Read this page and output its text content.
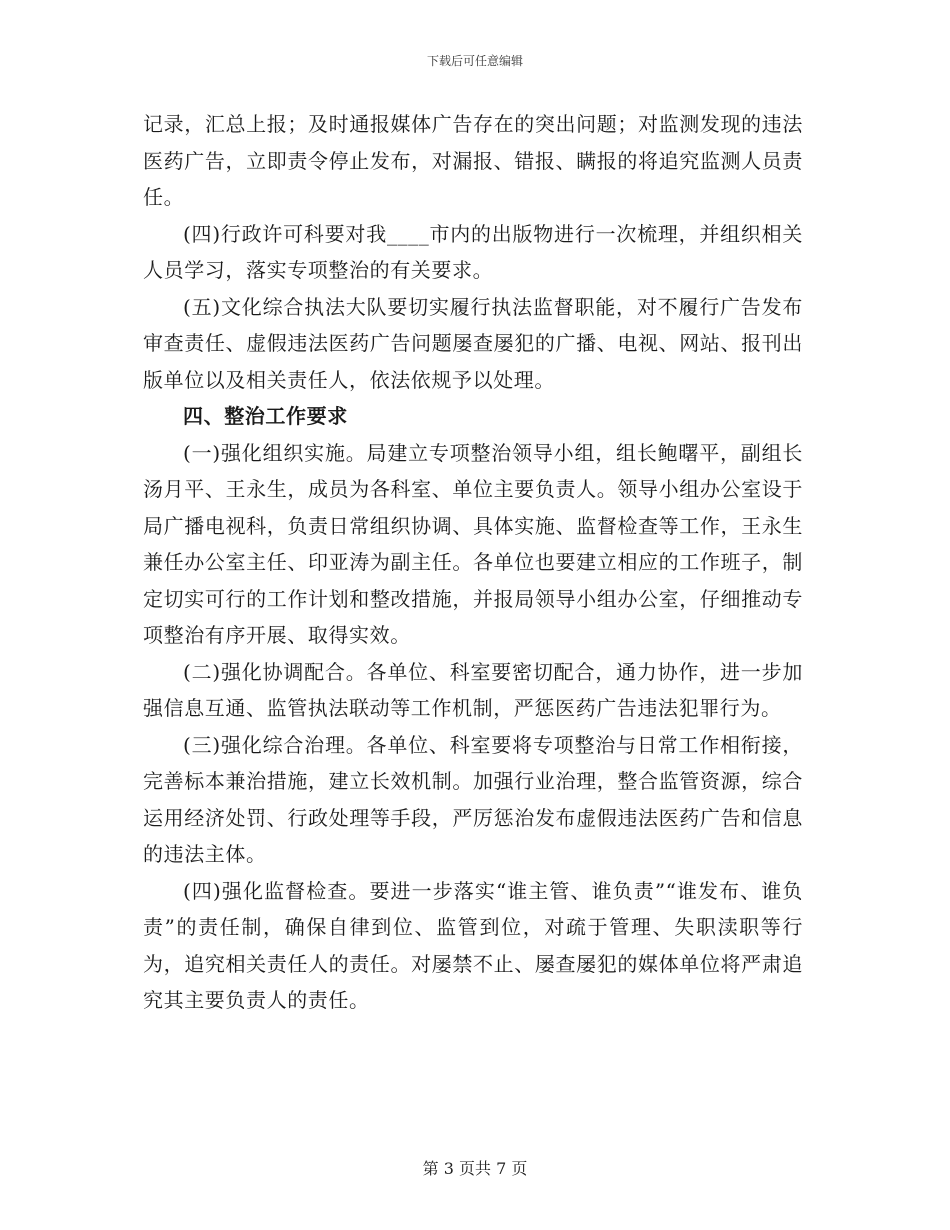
下载后可任意编辑

记录，汇总上报；及时通报媒体广告存在的突出问题；对监测发现的违法医药广告，立即责令停止发布，对漏报、错报、瞒报的将追究监测人员责任。

(四)行政许可科要对我____市内的出版物进行一次梳理，并组织相关人员学习，落实专项整治的有关要求。

(五)文化综合执法大队要切实履行执法监督职能，对不履行广告发布审查责任、虚假违法医药广告问题屡查屡犯的广播、电视、网站、报刊出版单位以及相关责任人，依法依规予以处理。

四、整治工作要求

(一)强化组织实施。局建立专项整治领导小组，组长鲍曙平，副组长汤月平、王永生，成员为各科室、单位主要负责人。领导小组办公室设于局广播电视科，负责日常组织协调、具体实施、监督检查等工作，王永生兼任办公室主任、印亚涛为副主任。各单位也要建立相应的工作班子，制定切实可行的工作计划和整改措施，并报局领导小组办公室，仔细推动专项整治有序开展、取得实效。

(二)强化协调配合。各单位、科室要密切配合，通力协作，进一步加强信息互通、监管执法联动等工作机制，严惩医药广告违法犯罪行为。

(三)强化综合治理。各单位、科室要将专项整治与日常工作相衔接，完善标本兼治措施，建立长效机制。加强行业治理，整合监管资源，综合运用经济处罚、行政处理等手段，严厉惩治发布虚假违法医药广告和信息的违法主体。

(四)强化监督检查。要进一步落实“谁主管、谁负责”“谁发布、谁负责”的责任制，确保自律到位、监管到位，对疏于管理、失职渎职等行为，追究相关责任人的责任。对屡禁不止、屡查屡犯的媒体单位将严肃追究其主要负责人的责任。

第 3 页共 7 页
